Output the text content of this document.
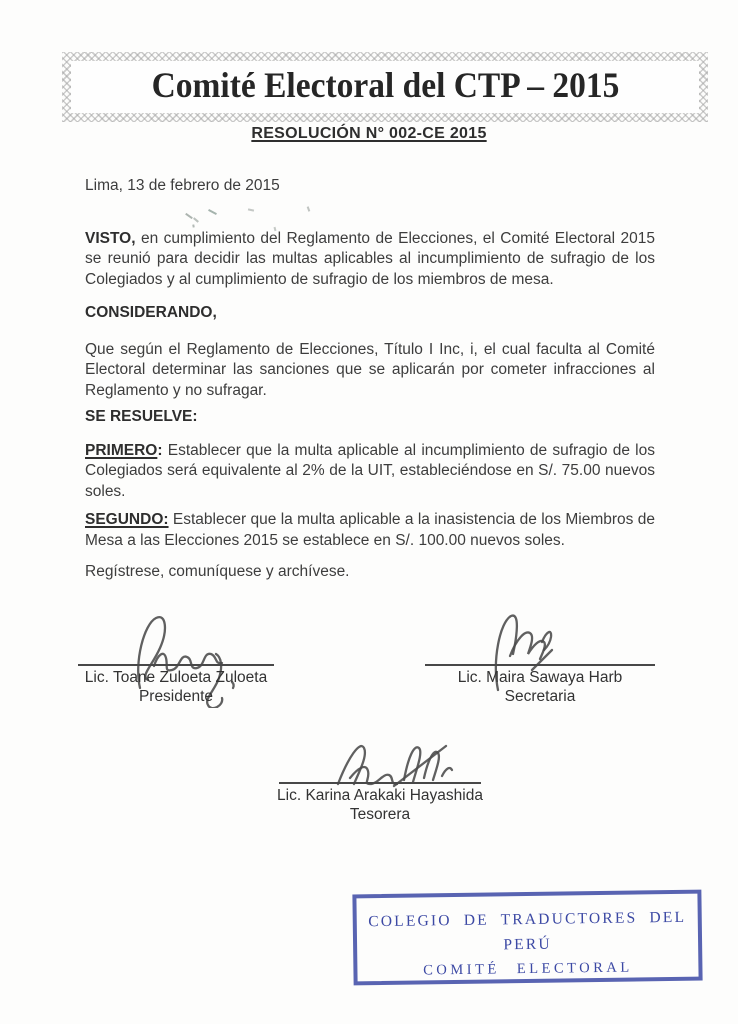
Comité Electoral del CTP – 2015
RESOLUCIÓN N° 002-CE 2015

Lima, 13 de febrero de 2015

VISTO, en cumplimiento del Reglamento de Elecciones, el Comité Electoral 2015 se reunió para decidir las multas aplicables al incumplimiento de sufragio de los Colegiados y al cumplimiento de sufragio de los miembros de mesa.

CONSIDERANDO,

Que según el Reglamento de Elecciones, Título I Inc, i, el cual faculta al Comité Electoral determinar las sanciones que se aplicarán por cometer infracciones al Reglamento y no sufragar.

SE RESUELVE:

PRIMERO: Establecer que la multa aplicable al incumplimiento de sufragio de los Colegiados será equivalente al 2% de la UIT, estableciéndose en S/. 75.00 nuevos soles.

SEGUNDO: Establecer que la multa aplicable a la inasistencia de los Miembros de Mesa a las Elecciones 2015 se establece en S/. 100.00 nuevos soles.

Regístrese, comuníquese y archívese.

Lic. Toane Zuloeta Zuloeta
Presidente
Lic. Maira Sawaya Harb
Secretaria
Lic. Karina Arakaki Hayashida
Tesorera
COLEGIO DE TRADUCTORES DEL PERÚ
COMITÉ ELECTORAL
